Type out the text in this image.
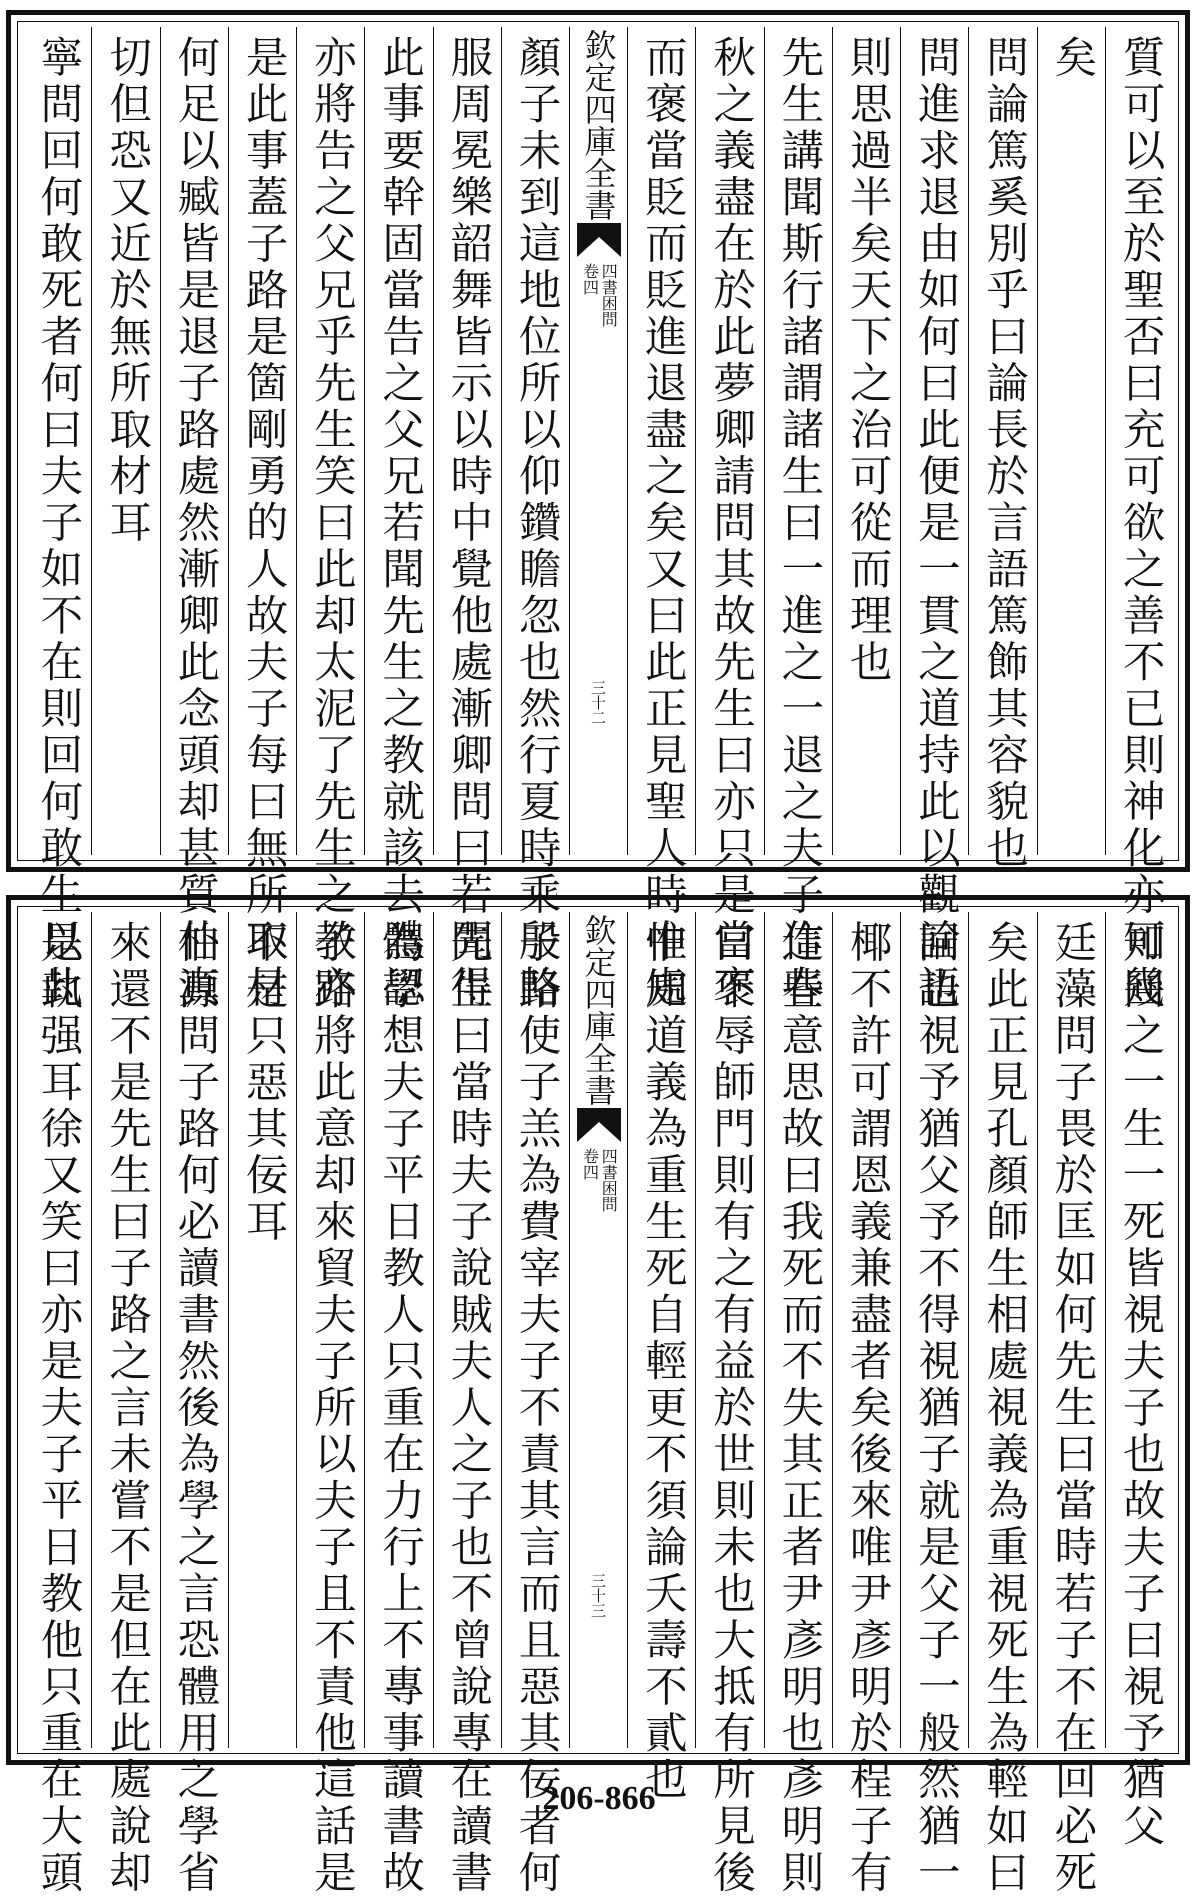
質可以至於聖否曰充可欲之善不已則神化亦可幾
矣
問論篤奚別乎曰論長於言語篤飾其容貌也
問進求退由如何曰此便是一貫之道持此以觀論語
則思過半矣天下之治可從而理也
先生講聞斯行諸謂諸生曰一進之一退之夫子作春
秋之義盡在於此夢卿請問其故先生曰亦只是當褒
而褒當貶而貶進退盡之矣又曰此正見聖人時中處
欽定四庫全書
四書困問
卷四
三十二
顏子未到這地位所以仰鑽瞻忽也然行夏時乘殷輅
服周冕樂韶舞皆示以時中覺他處漸卿問曰若聞得
此事要幹固當告之父兄若聞先生之教就該去體認
亦將告之父兄乎先生笑曰此却太泥了先生之教亦
是此事蓋子路是箇剛勇的人故夫子每曰無所取材
何足以臧皆是退子路處然漸卿此念頭却甚質朴真
切但恐又近於無所取材耳
寧問回何敢死者何曰夫子如不在則回何敢生以此
知回之一生一死皆視夫子也故夫子曰視予猶父
廷藻問子畏於匡如何先生曰當時若子不在回必死
矣此正見孔顏師生相處視義為重視死生為輕如曰
回也視予猶父予不得視猶子就是父子一般然猶一
椰不許可謂恩義兼盡者矣後來唯尹彥明於程子有
這些意思故曰我死而不失其正者尹彥明也彥明則
曰不辱師門則有之有益於世則未也大抵有所見後
惟知道義為重生死自輕更不須論夭壽不貳也
欽定四庫全書
四書困問
卷四
三十三
子路使子羔為費宰夫子不責其言而且惡其佞者何
先生曰當時夫子說賊夫人之子也不曾說專在讀書
為學想夫子平日教人只重在力行上不專事讀書故
子路將此意却來貿夫子所以夫子且不責他這話是
不是只惡其佞耳
伯源問子路何必讀書然後為學之言恐體用之學省
來還不是先生曰子路之言未嘗不是但在此處說却
是執强耳徐又笑曰亦是夫子平日教他只重在大頭	206-866
